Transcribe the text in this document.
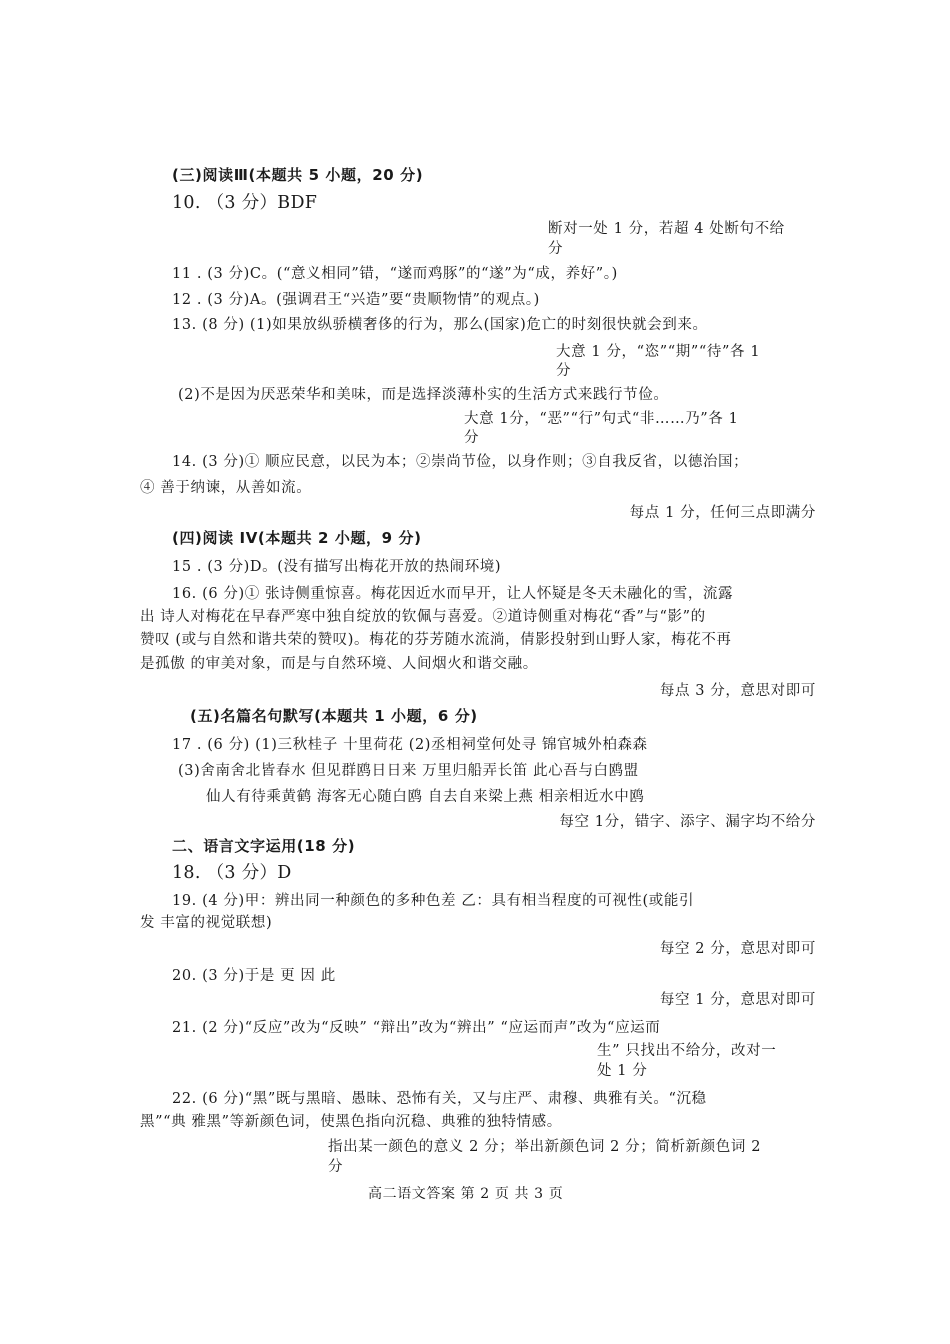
(三)阅读Ⅲ(本题共 5 小题，20 分)
10. （3 分）BDF
断对一处 1 分，若超 4 处断句不给
分
11 . (3 分)C。(“意义相同”错，“遂而鸡豚”的“遂”为“成，养好”。)
12 . (3 分)A。(强调君王“兴造”要“贵顺物情”的观点。)
13. (8 分) (1)如果放纵骄横奢侈的行为，那么(国家)危亡的时刻很快就会到来。
大意 1 分，“恣”“期”“待”各 1
分
(2)不是因为厌恶荣华和美味，而是选择淡薄朴实的生活方式来践行节俭。
大意 1分，“恶”“行”句式“非……乃”各 1
分
14. (3 分)① 顺应民意，以民为本；②崇尚节俭，以身作则；③自我反省，以德治国；
④ 善于纳谏，从善如流。
每点 1 分，任何三点即满分
(四)阅读 IV(本题共 2 小题，9 分)
15 . (3 分)D。(没有描写出梅花开放的热闹环境)
16. (6 分)① 张诗侧重惊喜。梅花因近水而早开，让人怀疑是冬天未融化的雪，流露
出 诗人对梅花在早春严寒中独自绽放的钦佩与喜爱。②道诗侧重对梅花“香”与“影”的
赞叹 (或与自然和谐共荣的赞叹)。梅花的芬芳随水流淌，倩影投射到山野人家，梅花不再
是孤傲 的审美对象，而是与自然环境、人间烟火和谐交融。
每点 3 分，意思对即可
(五)名篇名句默写(本题共 1 小题，6 分)
17 . (6 分) (1)三秋桂子 十里荷花 (2)丞相祠堂何处寻 锦官城外柏森森
(3)舍南舍北皆春水 但见群鸥日日来 万里归船弄长笛 此心吾与白鸥盟
仙人有待乘黄鹤 海客无心随白鸥 自去自来梁上燕 相亲相近水中鸥
每空 1分，错字、添字、漏字均不给分
二、语言文字运用(18 分)
18. （3 分）D
19. (4 分)甲：辨出同一种颜色的多种色差 乙：具有相当程度的可视性(或能引
发 丰富的视觉联想)
每空 2 分，意思对即可
20. (3 分)于是 更 因 此
每空 1 分，意思对即可
21. (2 分)“反应”改为“反映” “辩出”改为“辨出” “应运而声”改为“应运而
生” 只找出不给分，改对一
处 1 分
22. (6 分)“黑”既与黑暗、愚昧、恐怖有关，又与庄严、肃穆、典雅有关。“沉稳
黑”“典 雅黑”等新颜色词，使黑色指向沉稳、典雅的独特情感。
指出某一颜色的意义 2 分；举出新颜色词 2 分；简析新颜色词 2
分
高二语文答案 第 2 页 共 3 页
